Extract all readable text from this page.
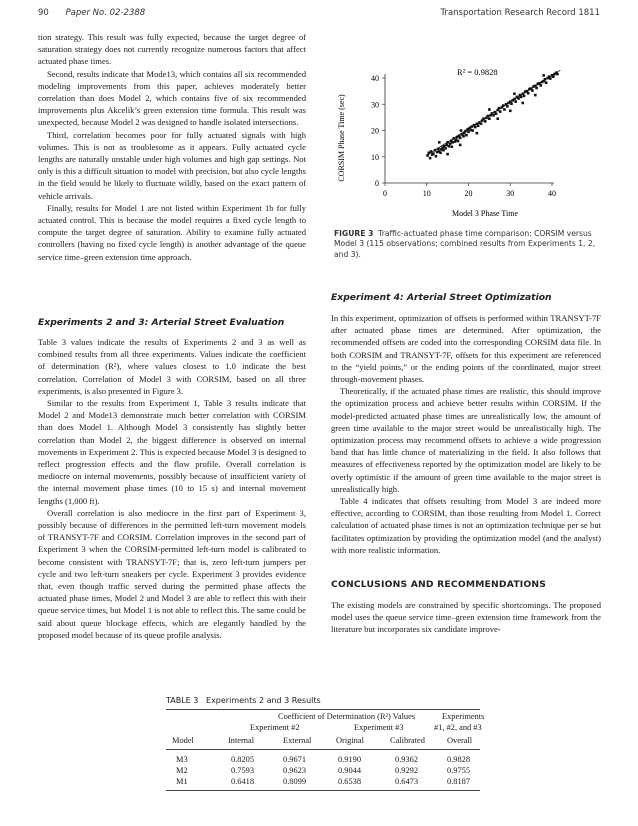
90 Paper No. 02-2388	Transportation Research Record 1811

tion strategy. This result was fully expected, because the target degree of saturation strategy does not currently recognize numerous factors that affect actuated phase times.

Second, results indicate that Mode13, which contains all six recommended modeling improvements from this paper, achieves moderately better correlation than does Model 2, which contains five of six recommended improvements plus Akcelik’s green extension time formula. This result was unexpected, because Model 2 was designed to handle isolated intersections.

Third, correlation becomes poor for fully actuated signals with high volumes. This is not as troublesome as it appears. Fully actuated cycle lengths are naturally unstable under high volumes and high gap settings. Not only is this a difficult situation to model with precision, but also cycle lengths in the field would be likely to fluctuate wildly, based on the exact pattern of vehicle arrivals.

Finally, results for Model 1 are not listed within Experiment 1b for fully actuated control. This is because the model requires a fixed cycle length to compute the target degree of saturation. Ability to examine fully actuated controllers (having no fixed cycle length) is another advantage of the queue service time–green extension time approach.

Experiments 2 and 3: Arterial Street Evaluation

Table 3 values indicate the results of Experiments 2 and 3 as well as combined results from all three experiments. Values indicate the coefficient of determination (R²), where values closest to 1.0 indicate the best correlation. Correlation of Model 3 with CORSIM, based on all three experiments, is also presented in Figure 3.

Similar to the results from Experiment 1, Table 3 results indicate that Model 2 and Mode13 demonstrate much better correlation with CORSIM than does Model 1. Although Model 3 consistently has slightly better correlation than Model 2, the biggest difference is observed on internal movements in Experiment 2. This is expected because Model 3 is designed to reflect progression effects and the flow profile. Overall correlation is mediocre on internal movements, possibly because of insufficient variety of the internal movement phase times (10 to 15 s) and internal movement lengths (1,000 ft).

Overall correlation is also mediocre in the first part of Experiment 3, possibly because of differences in the permitted left-turn movement models of TRANSYT-7F and CORSIM. Correlation improves in the second part of Experiment 3 when the CORSIM-permitted left-turn model is calibrated to become consistent with TRANSYT-7F; that is, zero left-turn jumpers per cycle and two left-turn sneakers per cycle. Experiment 3 provides evidence that, even though traffic served during the permitted phase affects the actuated phase times, Model 2 and Model 3 are able to reflect this with their queue service times, but Model 1 is not able to reflect this. The same could be said about queue blockage effects, which are elegantly handled by the proposed model because of its queue profile analysis.

CORSIM Phase Time (sec)
Model 3 Phase Time
R² = 0.9828
0	10	20	30	40
0
10
20
30
40
FIGURE 3 Traffic-actuated phase time comparison: CORSIM versus Model 3 (115 observations; combined results from Experiments 1, 2, and 3).
Experiment 4: Arterial Street Optimization

In this experiment, optimization of offsets is performed within TRANSYT-7F after actuated phase times are determined. After optimization, the recommended offsets are coded into the corresponding CORSIM data file. In both CORSIM and TRANSYT-7F, offsets for this experiment are referenced to the “yield points,” or the ending points of the coordinated, major street through-movement phases.

Theoretically, if the actuated phase times are realistic, this should improve the optimization process and achieve better results within CORSIM. If the model-predicted actuated phase times are unrealistically low, the amount of green time available to the major street would be unrealistically high. The optimization process may recommend offsets to achieve a wide progression band that has little chance of materializing in the field. It also follows that measures of effectiveness reported by the optimization model are likely to be overly optimistic if the amount of green time available to the major street is unrealistically high.

Table 4 indicates that offsets resulting from Model 3 are indeed more effective, according to CORSIM, than those resulting from Model 1. Correct calculation of actuated phase times is not an optimization technique per se but facilitates optimization by providing the optimization model (and the analyst) with more realistic information.

CONCLUSIONS AND RECOMMENDATIONS

The existing models are constrained by specific shortcomings. The proposed model uses the queue service time–green extension time framework from the literature but incorporates six candidate improve-

TABLE 3 Experiments 2 and 3 Results
Coefficient of Determination (R²) Values	Experiments
Experiment #2	Experiment #3	#1, #2, and #3
Model	Internal	External	Original	Calibrated	Overall
M3	0.8205	0.9671	0.9190	0.9362	0.9828
M2	0.7593	0.9623	0.9044	0.9292	0.9755
M1	0.6418	0.8099	0.6538	0.6473	0.8187
